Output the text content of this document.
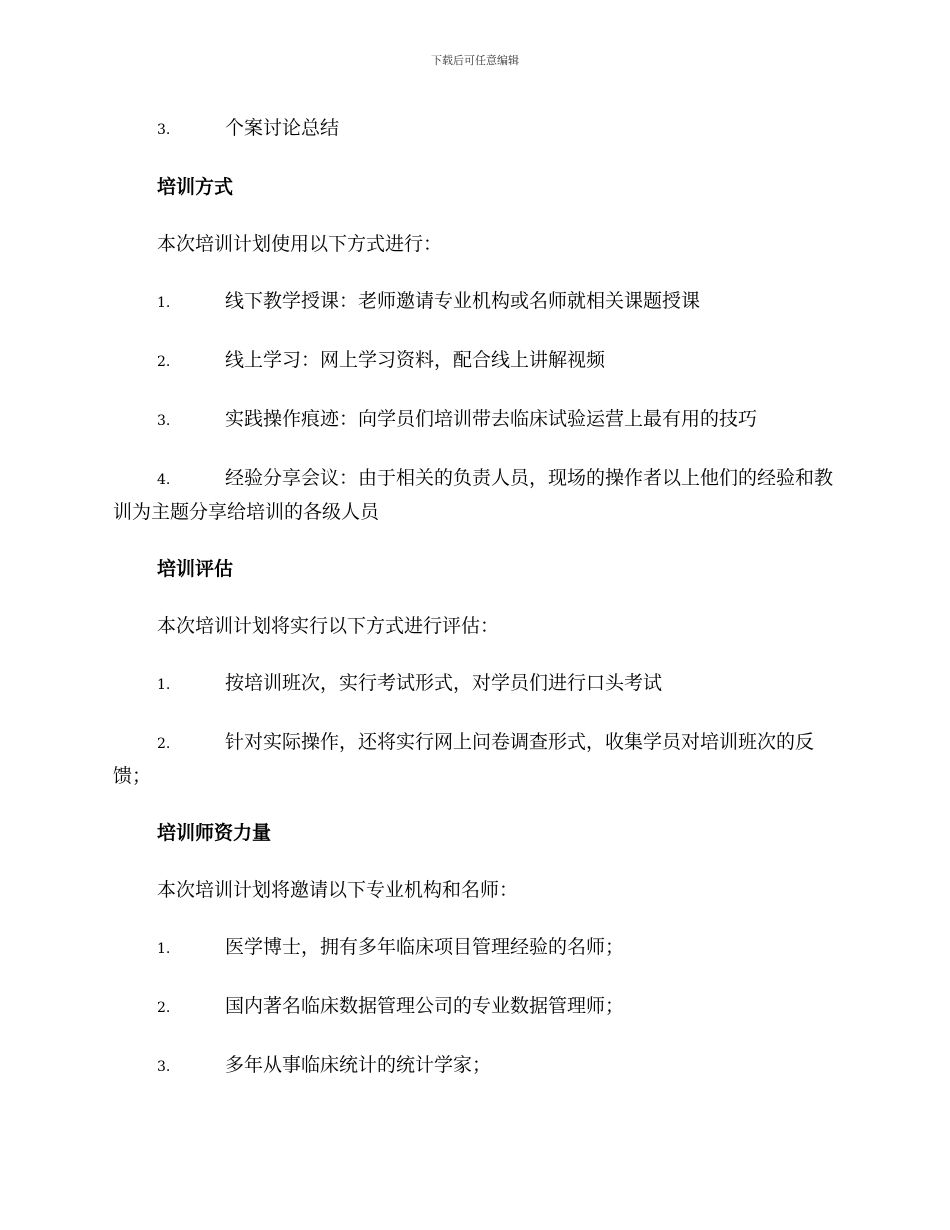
下载后可任意编辑
3.	个案讨论总结
培训方式
本次培训计划使用以下方式进行：
1.	线下教学授课：老师邀请专业机构或名师就相关课题授课
2.	线上学习：网上学习资料，配合线上讲解视频
3.	实践操作痕迹：向学员们培训带去临床试验运营上最有用的技巧
4.	经验分享会议：由于相关的负责人员，现场的操作者以上他们的经验和教训为主题分享给培训的各级人员
培训评估
本次培训计划将实行以下方式进行评估：
1.	按培训班次，实行考试形式，对学员们进行口头考试
2.	针对实际操作，还将实行网上问卷调查形式，收集学员对培训班次的反馈；
培训师资力量
本次培训计划将邀请以下专业机构和名师：
1.	医学博士，拥有多年临床项目管理经验的名师；
2.	国内著名临床数据管理公司的专业数据管理师；
3.	多年从事临床统计的统计学家；
